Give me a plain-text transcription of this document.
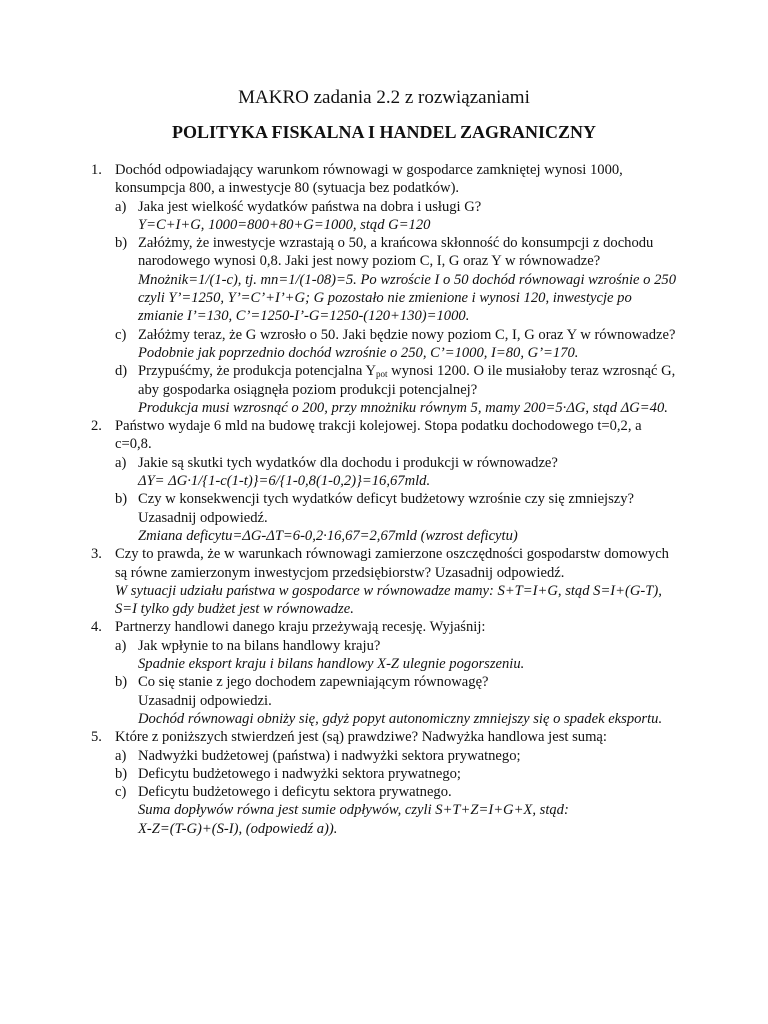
MAKRO zadania 2.2 z rozwiązaniami
POLITYKA FISKALNA I HANDEL ZAGRANICZNY
1. Dochód odpowiadający warunkom równowagi w gospodarce zamkniętej wynosi 1000, konsumpcja 800, a inwestycje 80 (sytuacja bez podatków).
a) Jaka jest wielkość wydatków państwa na dobra i usługi G?
Y=C+I+G, 1000=800+80+G=1000, stąd G=120
b) Załóżmy, że inwestycje wzrastają o 50, a krańcowa skłonność do konsumpcji z dochodu narodowego wynosi 0,8. Jaki jest nowy poziom C, I, G oraz Y w równowadze?
Mnożnik=1/(1-c), tj. mn=1/(1-08)=5. Po wzroście I o 50 dochód równowagi wzrośnie o 250 czyli Y’=1250, Y’=C’+I’+G; G pozostało nie zmienione i wynosi 120, inwestycje po zmianie I’=130, C’=1250-I’-G=1250-(120+130)=1000.
c) Załóżmy teraz, że G wzrosło o 50. Jaki będzie nowy poziom C, I, G oraz Y w równowadze?
Podobnie jak poprzednio dochód wzrośnie o 250, C’=1000, I=80, G’=170.
d) Przypuśćmy, że produkcja potencjalna $Y_{pot}$ wynosi 1200. O ile musiałoby teraz wzrosnąć G, aby gospodarka osiągnęła poziom produkcji potencjalnej?
Produkcja musi wzrosnąć o 200, przy mnożniku równym 5, mamy 200=5·ΔG, stąd ΔG=40.
2. Państwo wydaje 6 mld na budowę trakcji kolejowej. Stopa podatku dochodowego t=0,2, a c=0,8.
a) Jakie są skutki tych wydatków dla dochodu i produkcji w równowadze?
ΔY= ΔG·1/{1-c(1-t)}=6/{1-0,8(1-0,2)}=16,67mld.
b) Czy w konsekwencji tych wydatków deficyt budżetowy wzrośnie czy się zmniejszy? Uzasadnij odpowiedź.
Zmiana deficytu=ΔG-ΔT=6-0,2·16,67=2,67mld (wzrost deficytu)
3. Czy to prawda, że w warunkach równowagi zamierzone oszczędności gospodarstw domowych są równe zamierzonym inwestycjom przedsiębiorstw? Uzasadnij odpowiedź.
W sytuacji udziału państwa w gospodarce w równowadze mamy: S+T=I+G, stąd S=I+(G-T), S=I tylko gdy budżet jest w równowadze.
4. Partnerzy handlowi danego kraju przeżywają recesję. Wyjaśnij:
a) Jak wpłynie to na bilans handlowy kraju?
Spadnie eksport kraju i bilans handlowy X-Z ulegnie pogorszeniu.
b) Co się stanie z jego dochodem zapewniającym równowagę?
Uzasadnij odpowiedzi.
Dochód równowagi obniży się, gdyż popyt autonomiczny zmniejszy się o spadek eksportu.
5. Które z poniższych stwierdzeń jest (są) prawdziwe? Nadwyżka handlowa jest sumą:
a) Nadwyżki budżetowej (państwa) i nadwyżki sektora prywatnego;
b) Deficytu budżetowego i nadwyżki sektora prywatnego;
c) Deficytu budżetowego i deficytu sektora prywatnego.
Suma dopływów równa jest sumie odpływów, czyli S+T+Z=I+G+X, stąd:
X-Z=(T-G)+(S-I), (odpowiedź a)).
